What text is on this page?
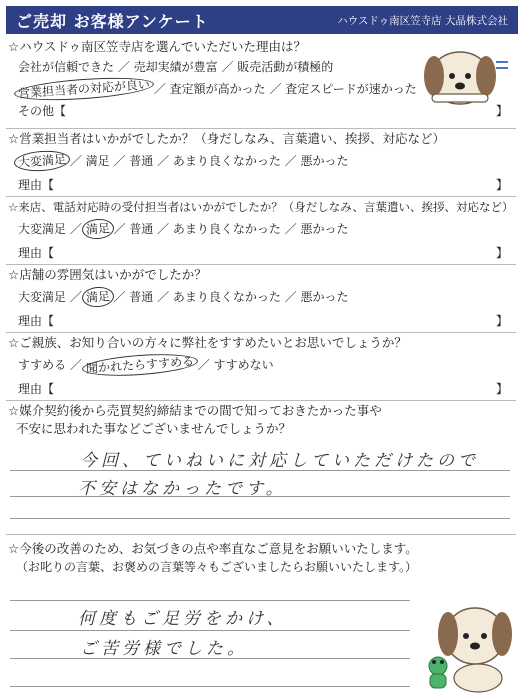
ご売却 お客様アンケート	ハウスドゥ南区笠寺店 大晶株式会社
☆ハウスドゥ南区笠寺店を選んでいただいた理由は？
会社が信頼できた ／ 売却実績が豊富 ／ 販売活動が積極的
営業担当者の対応が良い ／ 査定額が高かった ／ 査定スピードが速かった
その他【	】
☆営業担当者はいかがでしたか？（身だしなみ、言葉遣い、挨拶、対応など）
大変満足 ／ 満足 ／ 普通 ／ あまり良くなかった ／ 悪かった
理由【	】
☆来店、電話対応時の受付担当者はいかがでしたか？（身だしなみ、言葉遣い、挨拶、対応など）
大変満足 ／ 満足 ／ 普通 ／ あまり良くなかった ／ 悪かった
理由【	】
☆店舗の雰囲気はいかがでしたか？
大変満足 ／ 満足 ／ 普通 ／ あまり良くなかった ／ 悪かった
理由【	】
☆ご親族、お知り合いの方々に弊社をすすめたいとお思いでしょうか？
すすめる ／ 聞かれたらすすめる ／ すすめない
理由【	】
☆媒介契約後から売買契約締結までの間で知っておきたかった事や
不安に思われた事などございませんでしょうか？
今回、ていねいに対応していただけたので
不安はなかったです。
☆今後の改善のため、お気づきの点や率直なご意見をお願いいたします。
（お叱りの言葉、お褒めの言葉等々もございましたらお願いいたします。）
何度もご足労をかけ、
ご苦労様でした。
